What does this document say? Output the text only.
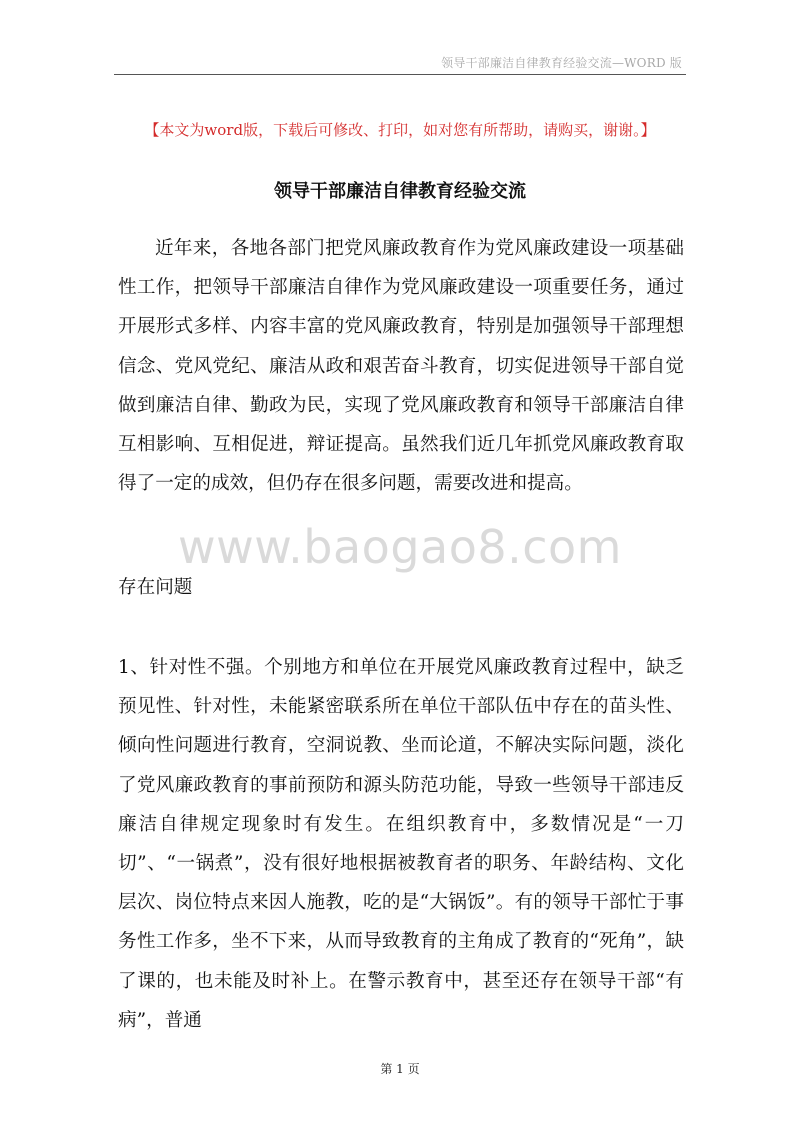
领导干部廉洁自律教育经验交流—WORD 版
【本文为word版，下载后可修改、打印，如对您有所帮助，请购买，谢谢。】
领导干部廉洁自律教育经验交流

近年来，各地各部门把党风廉政教育作为党风廉政建设一项基础性工作，把领导干部廉洁自律作为党风廉政建设一项重要任务，通过开展形式多样、内容丰富的党风廉政教育，特别是加强领导干部理想信念、党风党纪、廉洁从政和艰苦奋斗教育，切实促进领导干部自觉做到廉洁自律、勤政为民，实现了党风廉政教育和领导干部廉洁自律互相影响、互相促进，辩证提高。虽然我们近几年抓党风廉政教育取得了一定的成效，但仍存在很多问题，需要改进和提高。

www.baogao8.com
存在问题

1、针对性不强。个别地方和单位在开展党风廉政教育过程中，缺乏预见性、针对性，未能紧密联系所在单位干部队伍中存在的苗头性、倾向性问题进行教育，空洞说教、坐而论道，不解决实际问题，淡化了党风廉政教育的事前预防和源头防范功能，导致一些领导干部违反廉洁自律规定现象时有发生。在组织教育中，多数情况是“一刀切”、“一锅煮”，没有很好地根据被教育者的职务、年龄结构、文化层次、岗位特点来因人施教，吃的是“大锅饭”。有的领导干部忙于事务性工作多，坐不下来，从而导致教育的主角成了教育的“死角”，缺了课的，也未能及时补上。在警示教育中，甚至还存在领导干部“有病”，普通

第 1 页
